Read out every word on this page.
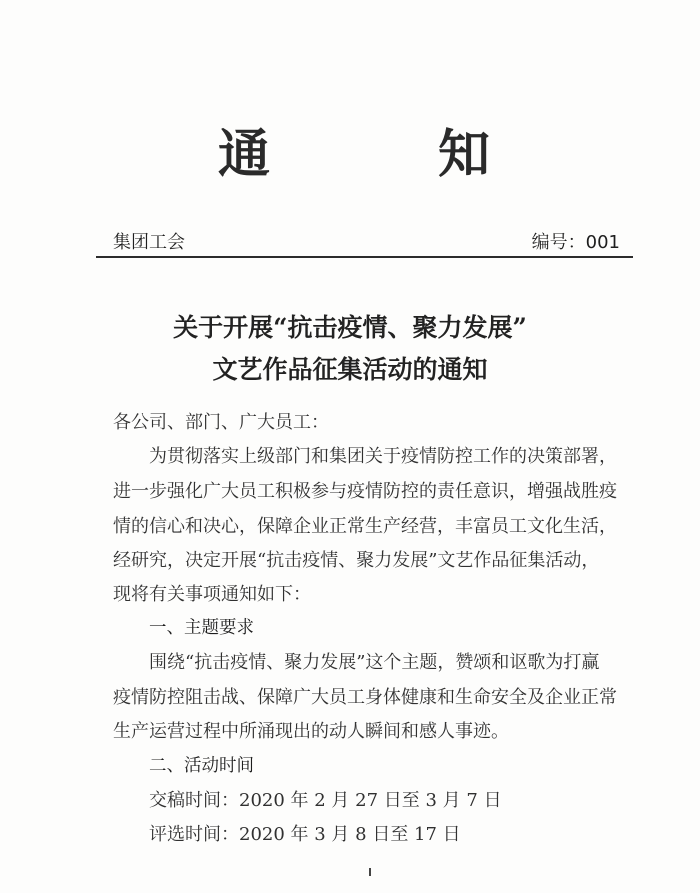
通	知
集团工会	编号：001
关于开展“抗击疫情、聚力发展”
文艺作品征集活动的通知
各公司、部门、广大员工：
为贯彻落实上级部门和集团关于疫情防控工作的决策部署，
进一步强化广大员工积极参与疫情防控的责任意识，增强战胜疫
情的信心和决心，保障企业正常生产经营，丰富员工文化生活，
经研究，决定开展“抗击疫情、聚力发展”文艺作品征集活动，
现将有关事项通知如下：
一、主题要求
围绕“抗击疫情、聚力发展”这个主题，赞颂和讴歌为打赢
疫情防控阻击战、保障广大员工身体健康和生命安全及企业正常
生产运营过程中所涌现出的动人瞬间和感人事迹。
二、活动时间
交稿时间：2020 年 2 月 27 日至 3 月 7 日
评选时间：2020 年 3 月 8 日至 17 日
